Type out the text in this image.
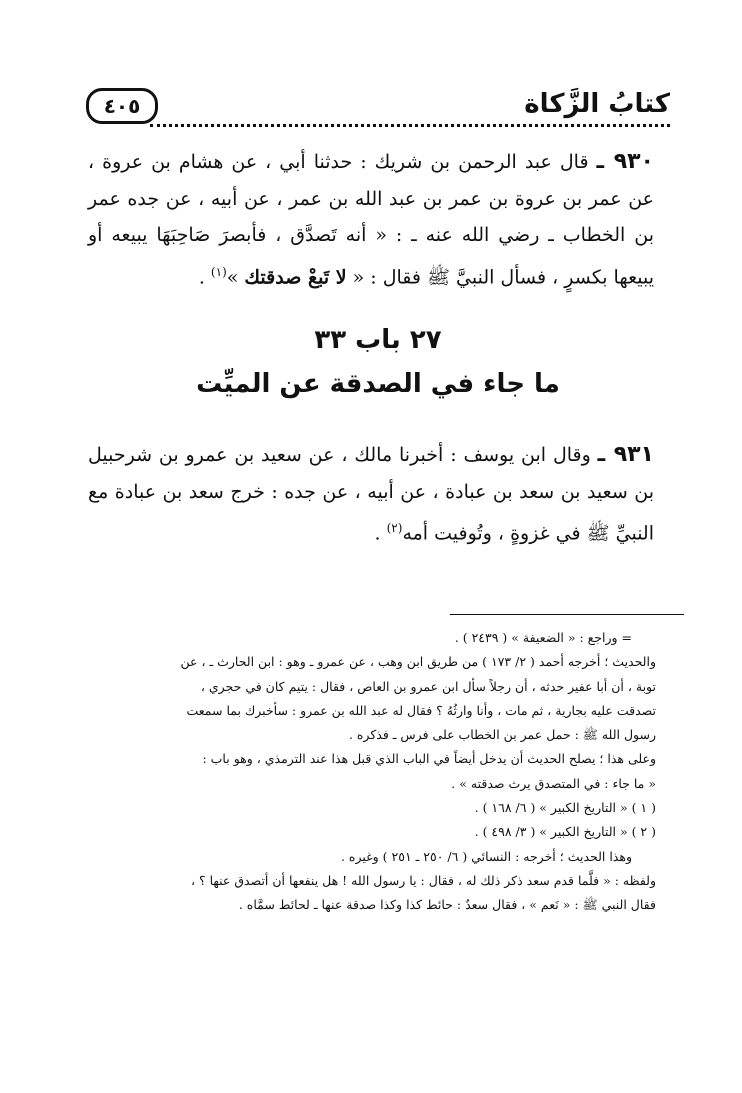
كتابُ الزَّكاة
٤٠٥

٩٣٠ ـ قال عبد الرحمن بن شريك : حدثنا أبي ، عن هشام بن عروة ، عن عمر بن عروة بن عمر بن عبد الله بن عمر ، عن أبيه ، عن جده عمر بن الخطاب ـ رضي الله عنه ـ : « أنه تَصدَّق ، فأبصرَ صَاحِبَهَا يبيعه أو يبيعها بكسرٍ ، فسأل النبيَّ ﷺ فقال : « لا تَبعْ صدقتك »$^{(١)}$ .

٢٧ باب ٣٣
ما جاء في الصدقة عن الميِّت

٩٣١ ـ وقال ابن يوسف : أخبرنا مالك ، عن سعيد بن عمرو بن شرحبيل بن سعيد بن سعد بن عبادة ، عن أبيه ، عن جده : خرج سعد بن عبادة مع النبيِّ ﷺ في غزوةٍ ، وتُوفيت أمه$^{(٢)}$ .

= وراجع : « الضعيفة » ( ٢٤٣٩ ) .

والحديث ؛ أخرجه أحمد ( ٢/ ١٧٣ ) من طريق ابن وهب ، عن عمرو ـ وهو : ابن الحارث ـ ، عن

توبة ، أن أبا عفير حدثه ، أن رجلاً سأل ابن عمرو بن العاص ، فقال : يتيم كان في حجري ،

تصدقت عليه بجارية ، ثم مات ، وأنا وارثُهُ ؟ فقال له عبد الله بن عمرو : سأخبرك بما سمعت

رسول الله ﷺ : حمل عمر بن الخطاب على فرس ـ فذكره .

وعلى هذا ؛ يصلح الحديث أن يدخل أيضاً في الباب الذي قبل هذا عند الترمذي ، وهو باب :

« ما جاء : في المتصدق يرث صدقته » .

( ١ ) « التاريخ الكبير » ( ٦/ ١٦٨ ) .

( ٢ ) « التاريخ الكبير » ( ٣/ ٤٩٨ ) .

وهذا الحديث ؛ أخرجه : النسائي ( ٦/ ٢٥٠ ـ ٢٥١ ) وغيره .

ولفظه : « فلَّما قدم سعد ذكر ذلك له ، فقال : يا رسول الله ! هل ينفعها أن أتصدق عنها ؟ ،

فقال النبي ﷺ : « نَعم » ، فقال سعدٌ : حائط كذا وكذا صدقة عنها ـ لحائط سمَّاه .
